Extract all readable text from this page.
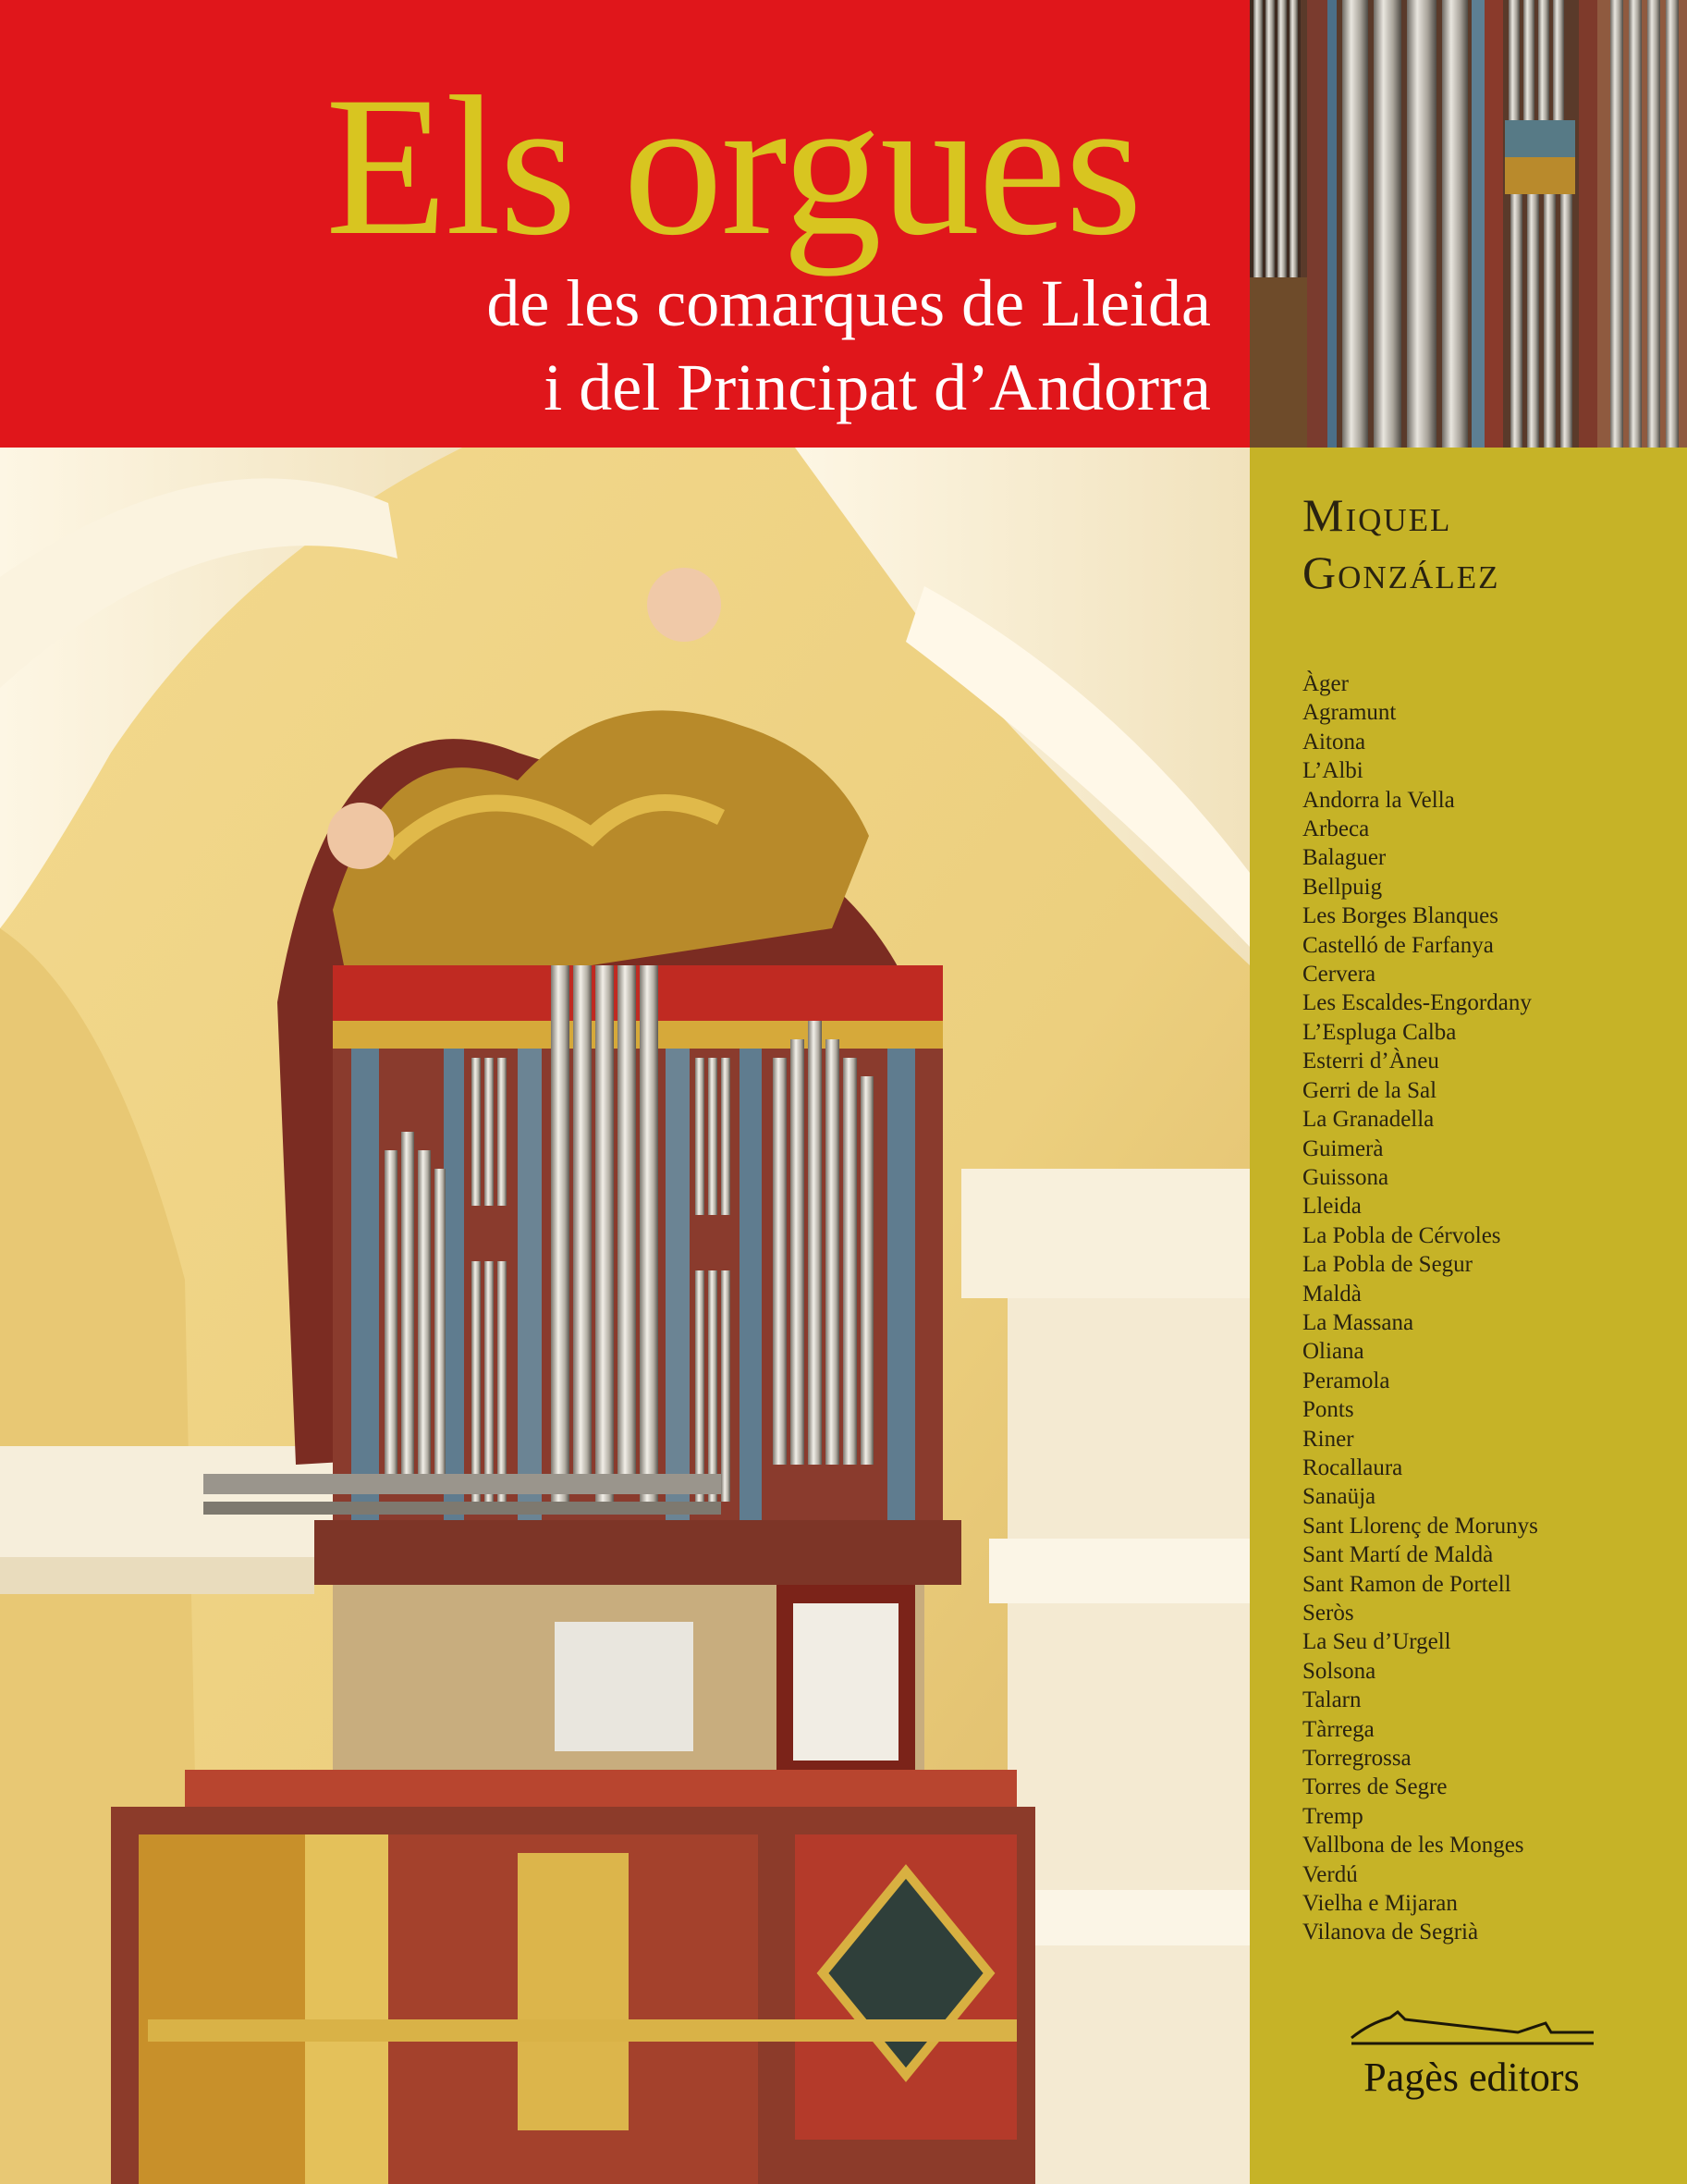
Els orgues
de les comarques de Lleida
i del Principat d’Andorra
Miquel
González
Àger
Agramunt
Aitona
L’Albi
Andorra la Vella
Arbeca
Balaguer
Bellpuig
Les Borges Blanques
Castelló de Farfanya
Cervera
Les Escaldes-Engordany
L’Espluga Calba
Esterri d’Àneu
Gerri de la Sal
La Granadella
Guimerà
Guissona
Lleida
La Pobla de Cérvoles
La Pobla de Segur
Maldà
La Massana
Oliana
Peramola
Ponts
Riner
Rocallaura
Sanaüja
Sant Llorenç de Morunys
Sant Martí de Maldà
Sant Ramon de Portell
Seròs
La Seu d’Urgell
Solsona
Talarn
Tàrrega
Torregrossa
Torres de Segre
Tremp
Vallbona de les Monges
Verdú
Vielha e Mijaran
Vilanova de Segrià
Pagès editors
